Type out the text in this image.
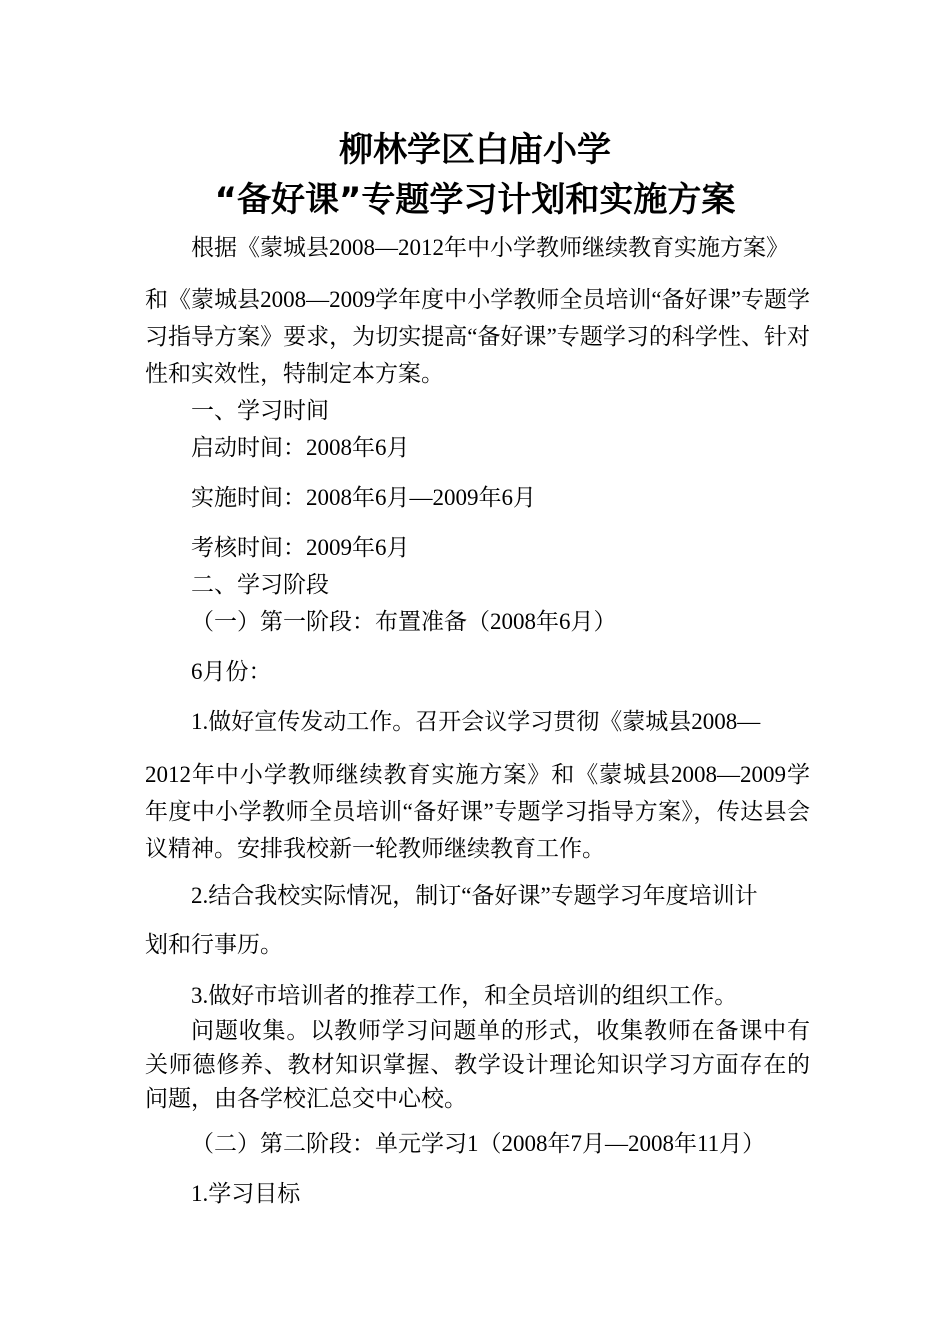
柳林学区白庙小学
“备好课”专题学习计划和实施方案
根据《蒙城县2008—2012年中小学教师继续教育实施方案》
和《蒙城县2008—2009学年度中小学教师全员培训“备好课”专题学习指导方案》要求，为切实提高“备好课”专题学习的科学性、针对性和实效性，特制定本方案。
一、学习时间
启动时间：2008年6月
实施时间：2008年6月—2009年6月
考核时间：2009年6月
二、学习阶段
（一）第一阶段：布置准备（2008年6月）
6月份：
1.做好宣传发动工作。召开会议学习贯彻《蒙城县2008—
2012年中小学教师继续教育实施方案》和《蒙城县2008—2009学年度中小学教师全员培训“备好课”专题学习指导方案》，传达县会议精神。安排我校新一轮教师继续教育工作。
2.结合我校实际情况，制订“备好课”专题学习年度培训计
划和行事历。
3.做好市培训者的推荐工作，和全员培训的组织工作。
问题收集。以教师学习问题单的形式，收集教师在备课中有关师德修养、教材知识掌握、教学设计理论知识学习方面存在的问题，由各学校汇总交中心校。
（二）第二阶段：单元学习1（2008年7月—2008年11月）
1.学习目标
